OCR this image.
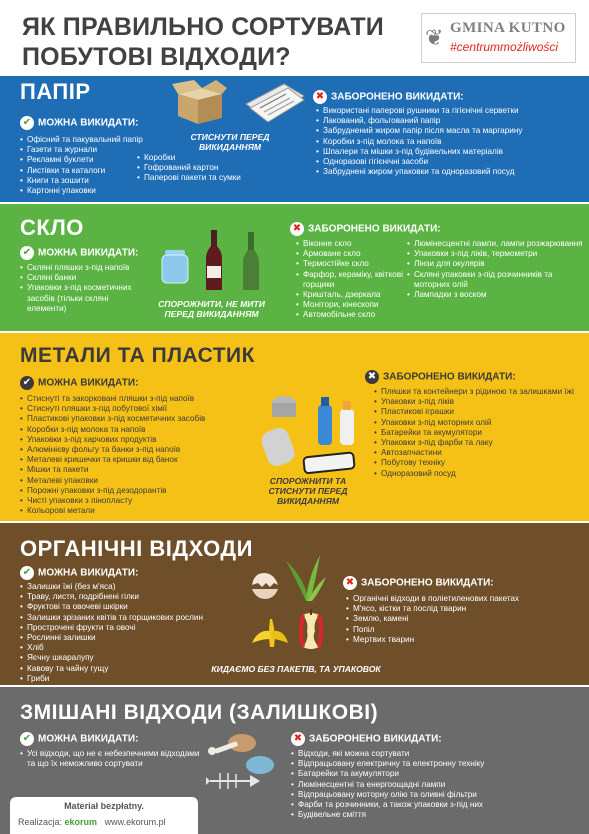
ЯК ПРАВИЛЬНО СОРТУВАТИ
ПОБУТОВІ ВІДХОДИ?
❦ GMINA KUTNO
#centrummożliwości
ПАПІР
✔ МОЖНА ВИКИДАТИ:
• Офісний та пакувальний папір
• Газети та журнали
• Рекламні буклети
• Листівки та каталоги
• Книги та зошити
• Картонні упаковки
• Коробки
• Гофрований картон
• Паперові пакети та сумки
СТИСНУТИ ПЕРЕД ВИКИДАННЯМ
✖ ЗАБОРОНЕНО ВИКИДАТИ:
• Використані паперові рушники та гігієнічні серветки
• Лакований, фольгований папір
• Забруднений жиром папір після масла та маргарину
• Коробки з-під молока та напоїв
• Шпалери та мішки з-під будівельних матеріалів
• Одноразові гігієнічні засоби
• Забруднені жиром упаковки та одноразовий посуд
СКЛО
✔ МОЖНА ВИКИДАТИ:
• Скляні пляшки з-під напоїв
• Скляні банки
• Упаковки з-під косметичних засобів (тільки скляні елементи)	СПОРОЖНИТИ, НЕ МИТИ ПЕРЕД ВИКИДАННЯМ
✖ ЗАБОРОНЕНО ВИКИДАТИ:
• Віконне скло
• Армоване скло
• Термостійке скло
• Фарфор, кераміку, квіткові горщики
• Кришталь, дзеркала
• Монітори, кінескопи
• Автомобільне скло
• Люмінесцентні лампи, лампи розжарювання
• Упаковки з-під ліків, термометри
• Лінзи для окулярів
• Скляні упаковки з-під розчинників та моторних олій
• Лампадки з воском
МЕТАЛИ ТА ПЛАСТИК
✔ МОЖНА ВИКИДАТИ:
• Стиснуті та закорковані пляшки з-під напоїв
• Стиснуті пляшки з-під побутової хімії
• Пластикові упаковки з-під косметичних засобів
• Коробки з-під молока та напоїв
• Упаковки з-під харчових продуктів
• Алюмінієву фольгу та банки з-під напоїв
• Металеві кришечки та кришки від банок
• Мішки та пакети
• Металеві упаковки
• Порожні упаковки з-під дезодорантів
• Чисті упаковки з пінопласту
• Кольорові метали
СПОРОЖНИТИ ТА СТИСНУТИ ПЕРЕД ВИКИДАННЯМ
✖ ЗАБОРОНЕНО ВИКИДАТИ:
• Пляшки та контейнери з рідиною та залишками їжі
• Упаковки з-під ліків
• Пластикові іграшки
• Упаковки з-під моторних олій
• Батарейки та акумулятори
• Упаковки з-під фарби та лаку
• Автозапчастини
• Побутову техніку
• Одноразовий посуд
ОРГАНІЧНІ ВІДХОДИ
✔ МОЖНА ВИКИДАТИ:
• Залишки їжі (без м'яса)
• Траву, листя, подрібнені гілки
• Фруктові та овочеві шкірки
• Залишки зрізаних квітів та горщикових рослин
• Прострочені фрукти та овочі
• Рослинні залишки
• Хліб
• Яєчну шкаралупу
• Кавову та чайну гущу
• Гриби
КИДАЄМО БЕЗ ПАКЕТІВ, ТА УПАКОВОК
✖ ЗАБОРОНЕНО ВИКИДАТИ:
• Органічні відходи в поліетиленових пакетах
• М'ясо, кістки та послід тварин
• Землю, камені
• Попіл
• Мертвих тварин
ЗМІШАНІ ВІДХОДИ (ЗАЛИШКОВІ)
✔ МОЖНА ВИКИДАТИ:
• Усі відходи, що не є небезпечними відходами та що їх неможливо сортувати
✖ ЗАБОРОНЕНО ВИКИДАТИ:
• Відходи, які можна сортувати
• Відпрацьовану електричну та електронну техніку
• Батарейки та акумулятори
• Люмінесцентні та енергоощадні лампи
• Відпрацьовану моторну олію та оливні фільтри
• Фарби та розчинники, а також упаковки з-під них
• Будівельне сміття
Materiał bezpłatny.
Realizacja: ekorum www.ekorum.pl
